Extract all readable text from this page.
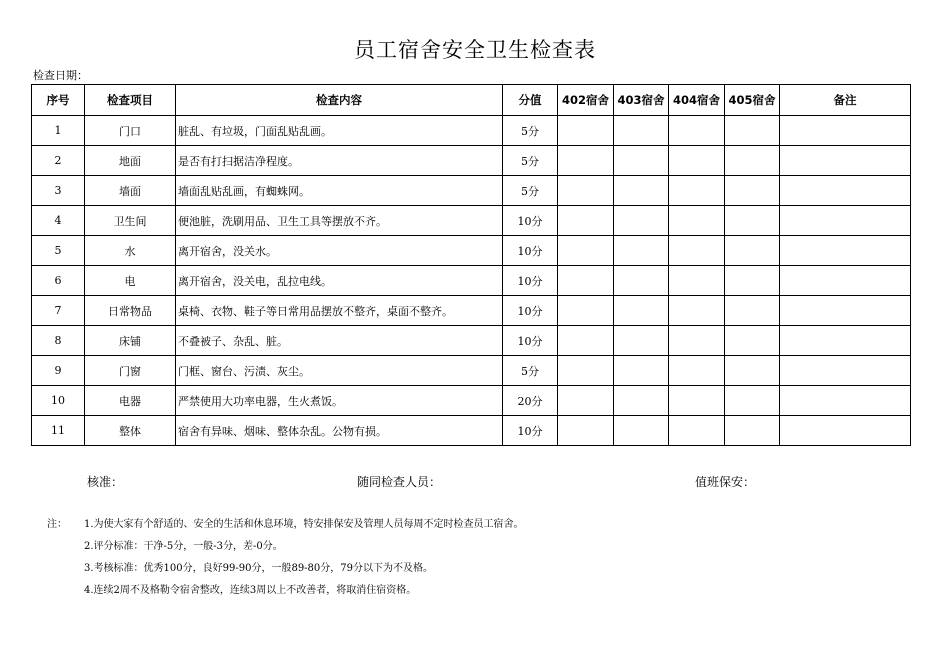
员工宿舍安全卫生检查表
检查日期：
序号	检查项目	检查内容	分值	402宿舍	403宿舍	404宿舍	405宿舍	备注
1	门口	脏乱、有垃圾，门面乱贴乱画。	5分					
2	地面	是否有打扫据洁净程度。	5分					
3	墙面	墙面乱贴乱画，有蜘蛛网。	5分					
4	卫生间	便池脏，洗刷用品、卫生工具等摆放不齐。	10分					
5	水	离开宿舍，没关水。	10分					
6	电	离开宿舍，没关电，乱拉电线。	10分					
7	日常物品	桌椅、衣物、鞋子等日常用品摆放不整齐，桌面不整齐。	10分					
8	床铺	不叠被子、杂乱、脏。	10分					
9	门窗	门框、窗台、污渍、灰尘。	5分					
10	电器	严禁使用大功率电器，生火煮饭。	20分					
11	整体	宿舍有异味、烟味、整体杂乱。公物有损。	10分					
核准：	随同检查人员：	值班保安：
注：	1.为使大家有个舒适的、安全的生活和休息环境，特安排保安及管理人员每周不定时检查员工宿舍。
2.评分标准：干净-5分，一般-3分，差-0分。
3.考核标准：优秀100分，良好99-90分，一般89-80分，79分以下为不及格。
4.连续2周不及格勒令宿舍整改，连续3周以上不改善者，将取消住宿资格。
